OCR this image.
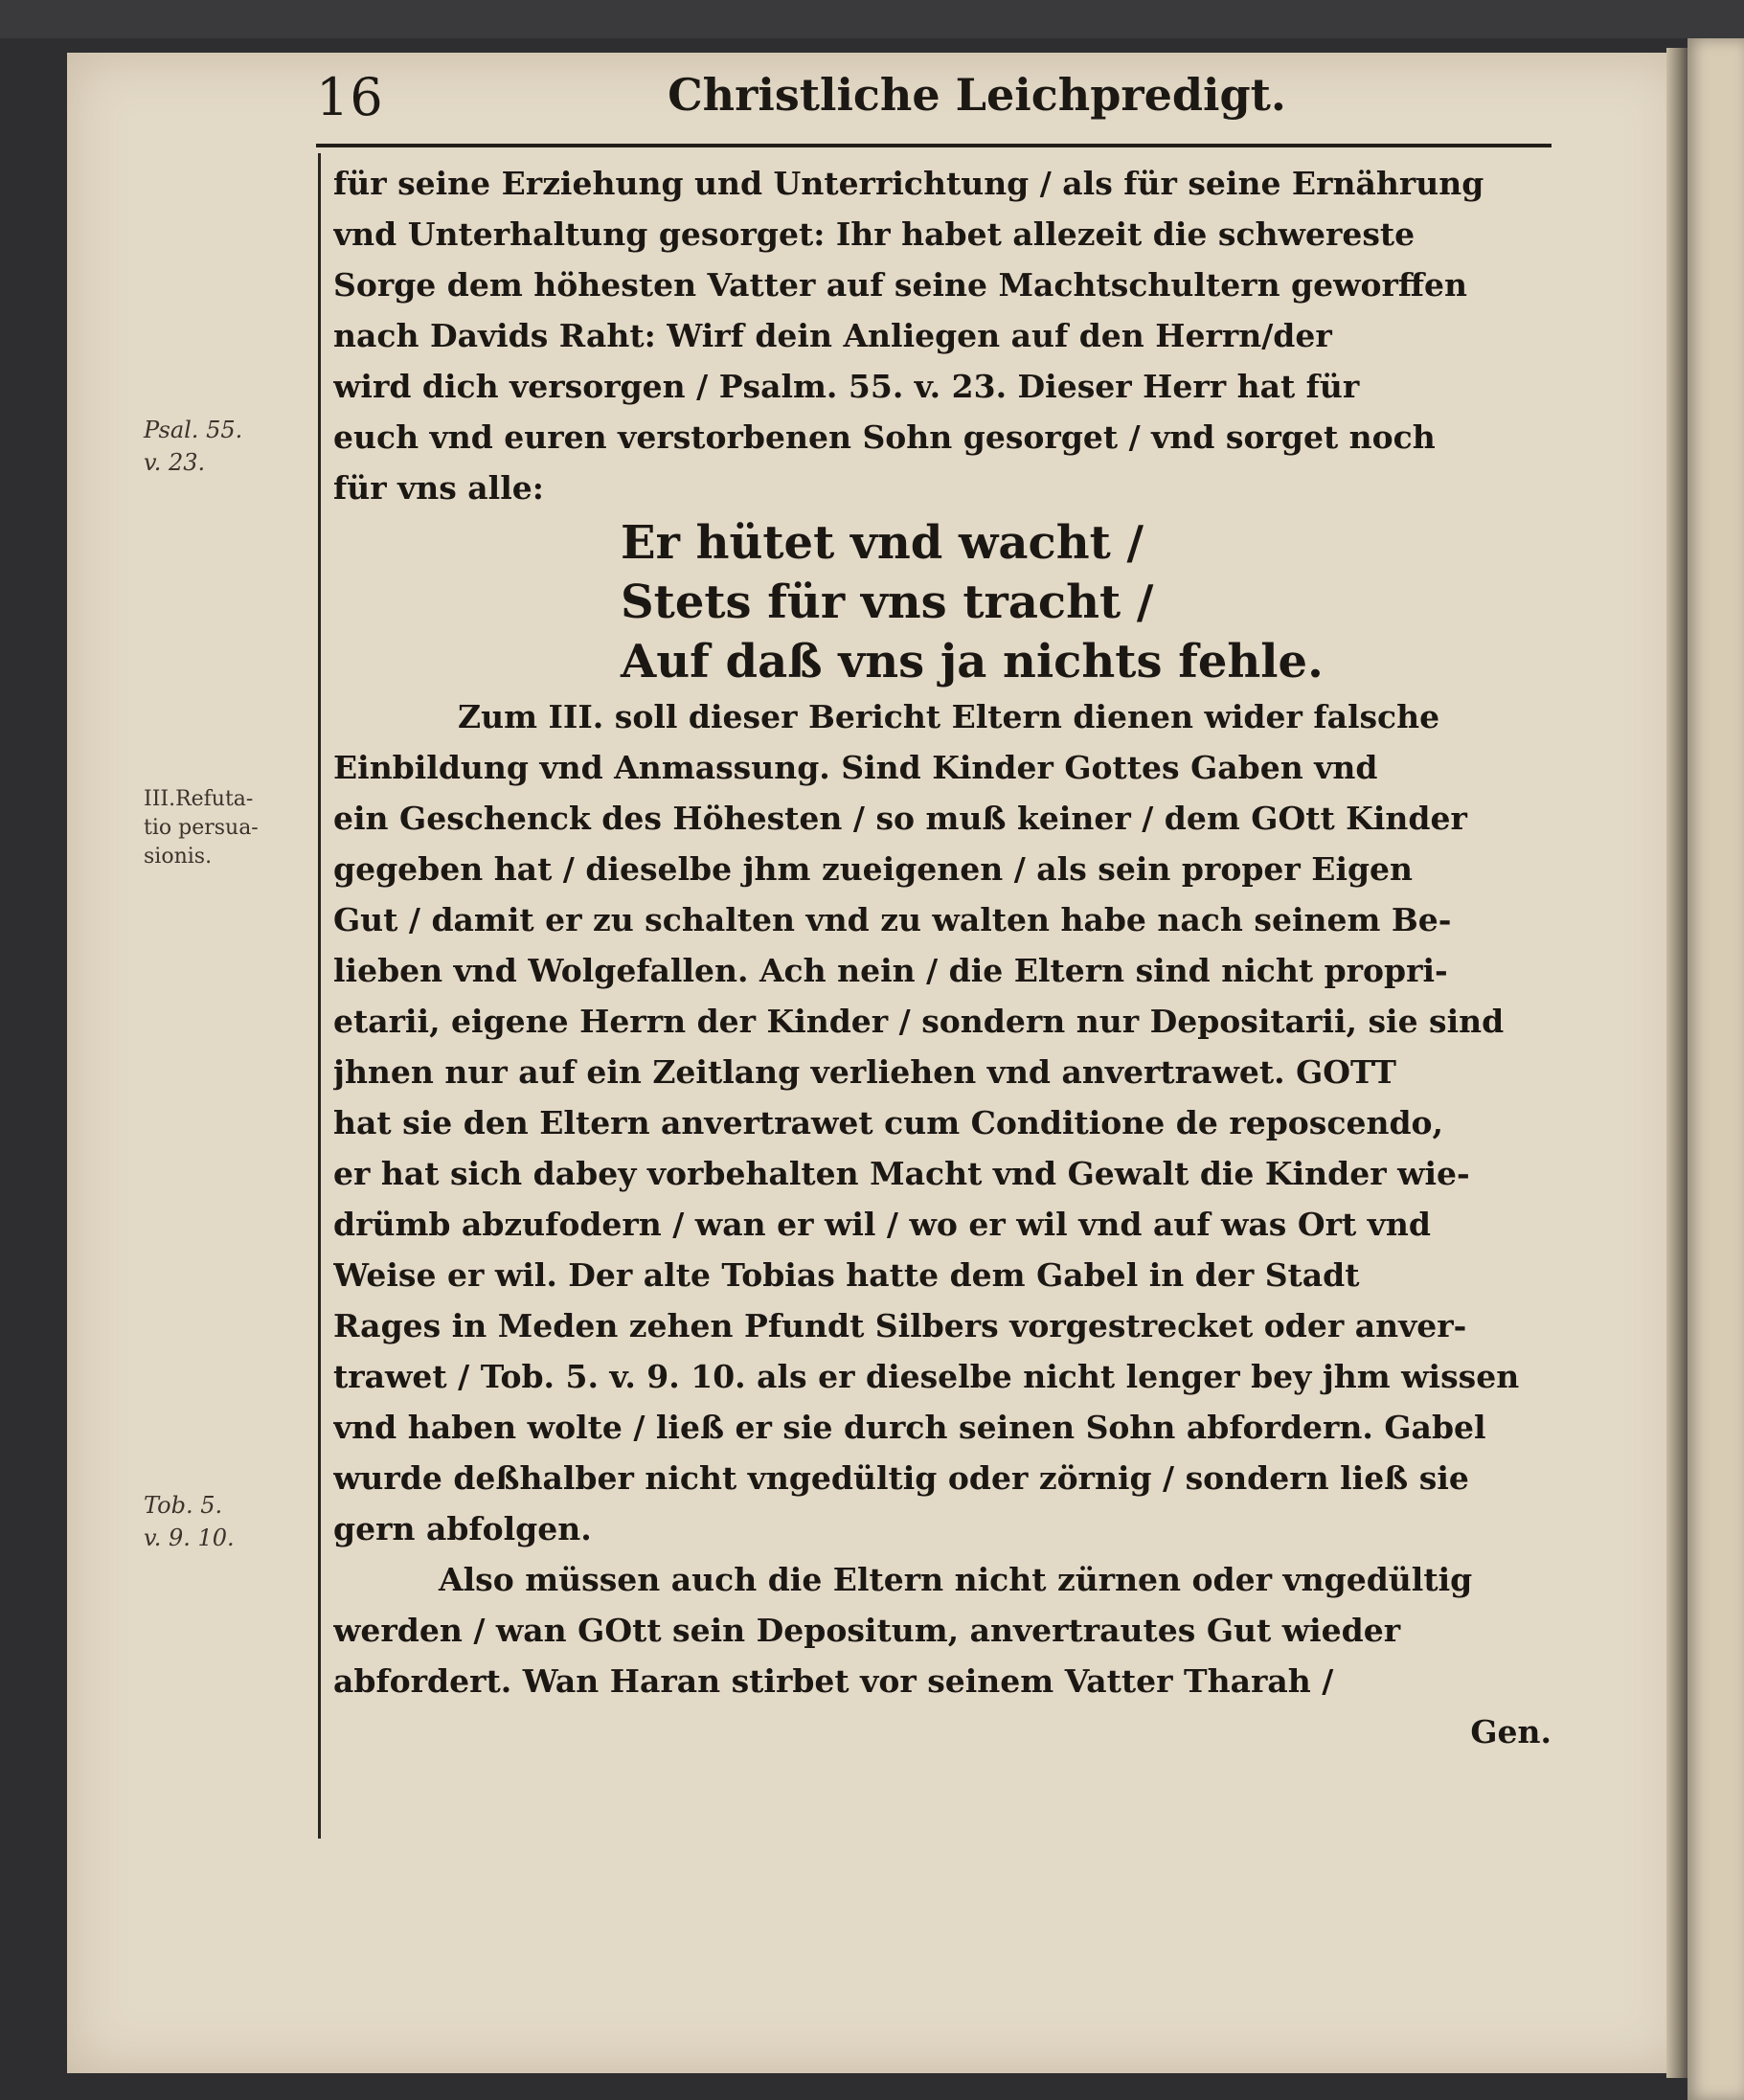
16	Christliche Leichpredigt.
Psal. 55.
v. 23.
III.Refuta-
tio persua-
sionis.
Tob. 5.
v. 9. 10.
für seine Erziehung und Unterrichtung / als für seine Ernährung
vnd Unterhaltung gesorget: Ihr habet allezeit die schwereste
Sorge dem höhesten Vatter auf seine Machtschultern geworffen
nach Davids Raht: Wirf dein Anliegen auf den Herrn/der
wird dich versorgen / Psalm. 55. v. 23. Dieser Herr hat für
euch vnd euren verstorbenen Sohn gesorget / vnd sorget noch
für vns alle:
Er hütet vnd wacht /
Stets für vns tracht /
Auf daß vns ja nichts fehle.
Zum III. soll dieser Bericht Eltern dienen wider falsche
Einbildung vnd Anmassung. Sind Kinder Gottes Gaben vnd
ein Geschenck des Höhesten / so muß keiner / dem GOtt Kinder
gegeben hat / dieselbe jhm zueigenen / als sein proper Eigen
Gut / damit er zu schalten vnd zu walten habe nach seinem Be-
lieben vnd Wolgefallen. Ach nein / die Eltern sind nicht propri-
etarii, eigene Herrn der Kinder / sondern nur Depositarii, sie sind
jhnen nur auf ein Zeitlang verliehen vnd anvertrawet. GOTT
hat sie den Eltern anvertrawet cum Conditione de reposcendo,
er hat sich dabey vorbehalten Macht vnd Gewalt die Kinder wie-
drümb abzufodern / wan er wil / wo er wil vnd auf was Ort vnd
Weise er wil. Der alte Tobias hatte dem Gabel in der Stadt
Rages in Meden zehen Pfundt Silbers vorgestrecket oder anver-
trawet / Tob. 5. v. 9. 10. als er dieselbe nicht lenger bey jhm wissen
vnd haben wolte / ließ er sie durch seinen Sohn abfordern. Gabel
wurde deßhalber nicht vngedültig oder zörnig / sondern ließ sie
gern abfolgen.
Also müssen auch die Eltern nicht zürnen oder vngedültig
werden / wan GOtt sein Depositum, anvertrautes Gut wieder
abfordert. Wan Haran stirbet vor seinem Vatter Tharah /
Gen.
